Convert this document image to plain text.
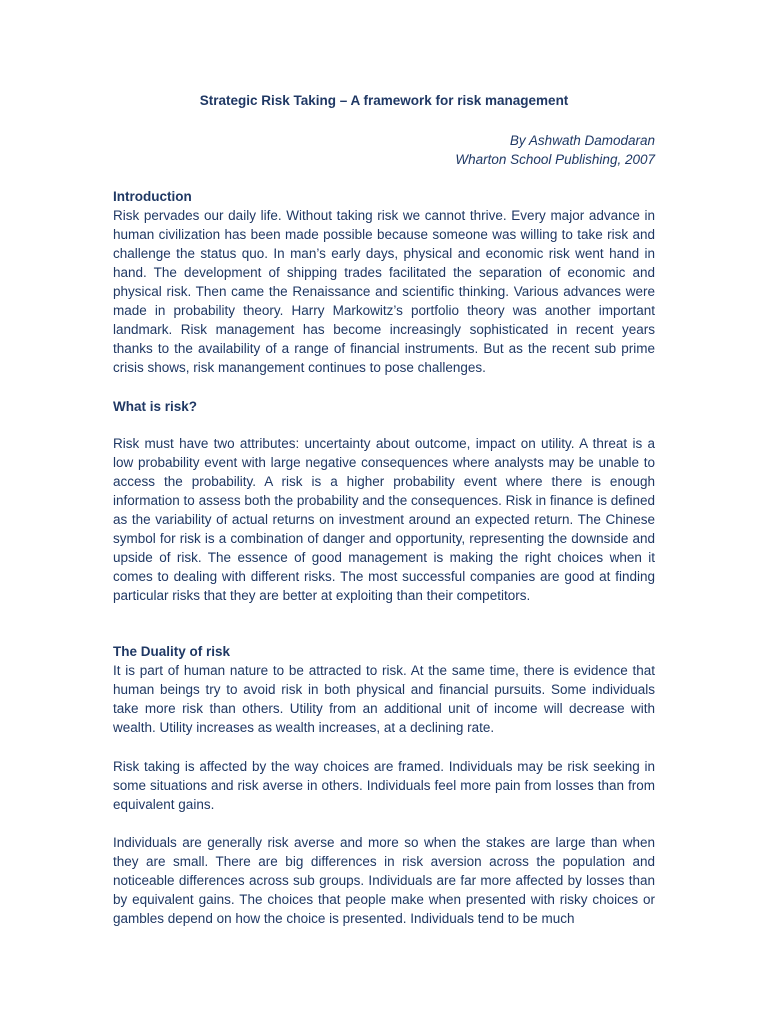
Strategic Risk Taking – A framework for risk management
By Ashwath Damodaran
Wharton School Publishing, 2007

Introduction

Risk pervades our daily life. Without taking risk we cannot thrive. Every major advance in human civilization has been made possible because someone was willing to take risk and challenge the status quo. In man’s early days, physical and economic risk went hand in hand. The development of shipping trades facilitated the separation of economic and physical risk. Then came the Renaissance and scientific thinking. Various advances were made in probability theory. Harry Markowitz’s portfolio theory was another important landmark. Risk management has become increasingly sophisticated in recent years thanks to the availability of a range of financial instruments. But as the recent sub prime crisis shows, risk manangement continues to pose challenges.

What is risk?

Risk must have two attributes: uncertainty about outcome, impact on utility. A threat is a low probability event with large negative consequences where analysts may be unable to access the probability. A risk is a higher probability event where there is enough information to assess both the probability and the consequences. Risk in finance is defined as the variability of actual returns on investment around an expected return. The Chinese symbol for risk is a combination of danger and opportunity, representing the downside and upside of risk. The essence of good management is making the right choices when it comes to dealing with different risks. The most successful companies are good at finding particular risks that they are better at exploiting than their competitors.

The Duality of risk

It is part of human nature to be attracted to risk. At the same time, there is evidence that human beings try to avoid risk in both physical and financial pursuits. Some individuals take more risk than others. Utility from an additional unit of income will decrease with wealth. Utility increases as wealth increases, at a declining rate.

Risk taking is affected by the way choices are framed. Individuals may be risk seeking in some situations and risk averse in others. Individuals feel more pain from losses than from equivalent gains.

Individuals are generally risk averse and more so when the stakes are large than when they are small. There are big differences in risk aversion across the population and noticeable differences across sub groups. Individuals are far more affected by losses than by equivalent gains. The choices that people make when presented with risky choices or gambles depend on how the choice is presented. Individuals tend to be much
